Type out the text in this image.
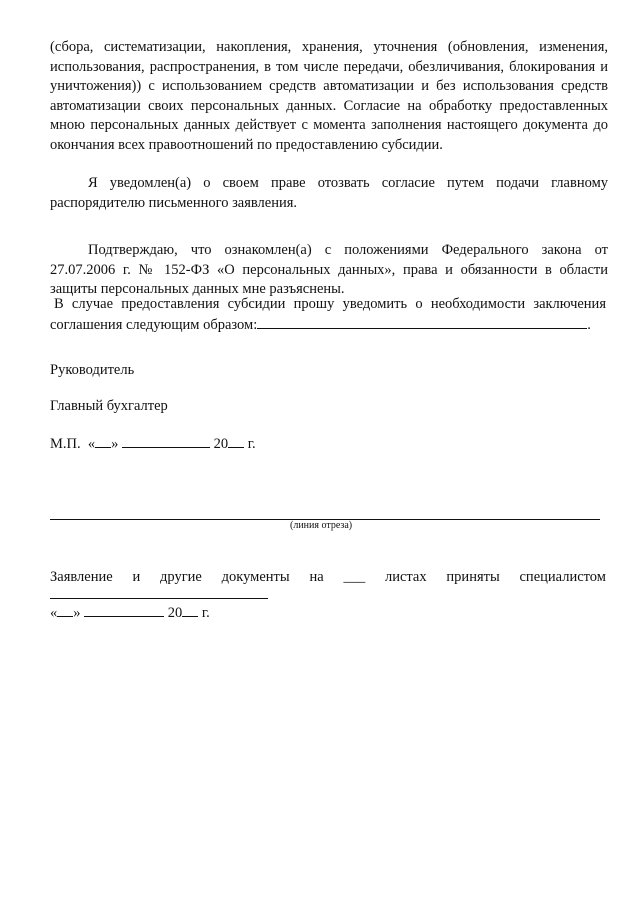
(сбора, систематизации, накопления, хранения, уточнения (обновления, изменения, использования, распространения, в том числе передачи, обезличивания, блокирования и уничтожения)) с использованием средств автоматизации и без использования средств автоматизации своих персональных данных. Согласие на обработку предоставленных мною персональных данных действует с момента заполнения настоящего документа до окончания всех правоотношений по предоставлению субсидии.

Я уведомлен(а) о своем праве отозвать согласие путем подачи главному распорядителю письменного заявления.

Подтверждаю, что ознакомлен(а) с положениями Федерального закона от 27.07.2006 г. № 152-ФЗ «О персональных данных», права и обязанности в области защиты персональных данных мне разъяснены.

В случае предоставления субсидии прошу уведомить о необходимости заключения

соглашения следующим образом:	.

Руководитель

Главный бухгалтер

М.П. « »	20 г.

(линия отреза)
Заявление и другие документы на ___ листах приняты специалистом

« »	20 г.
